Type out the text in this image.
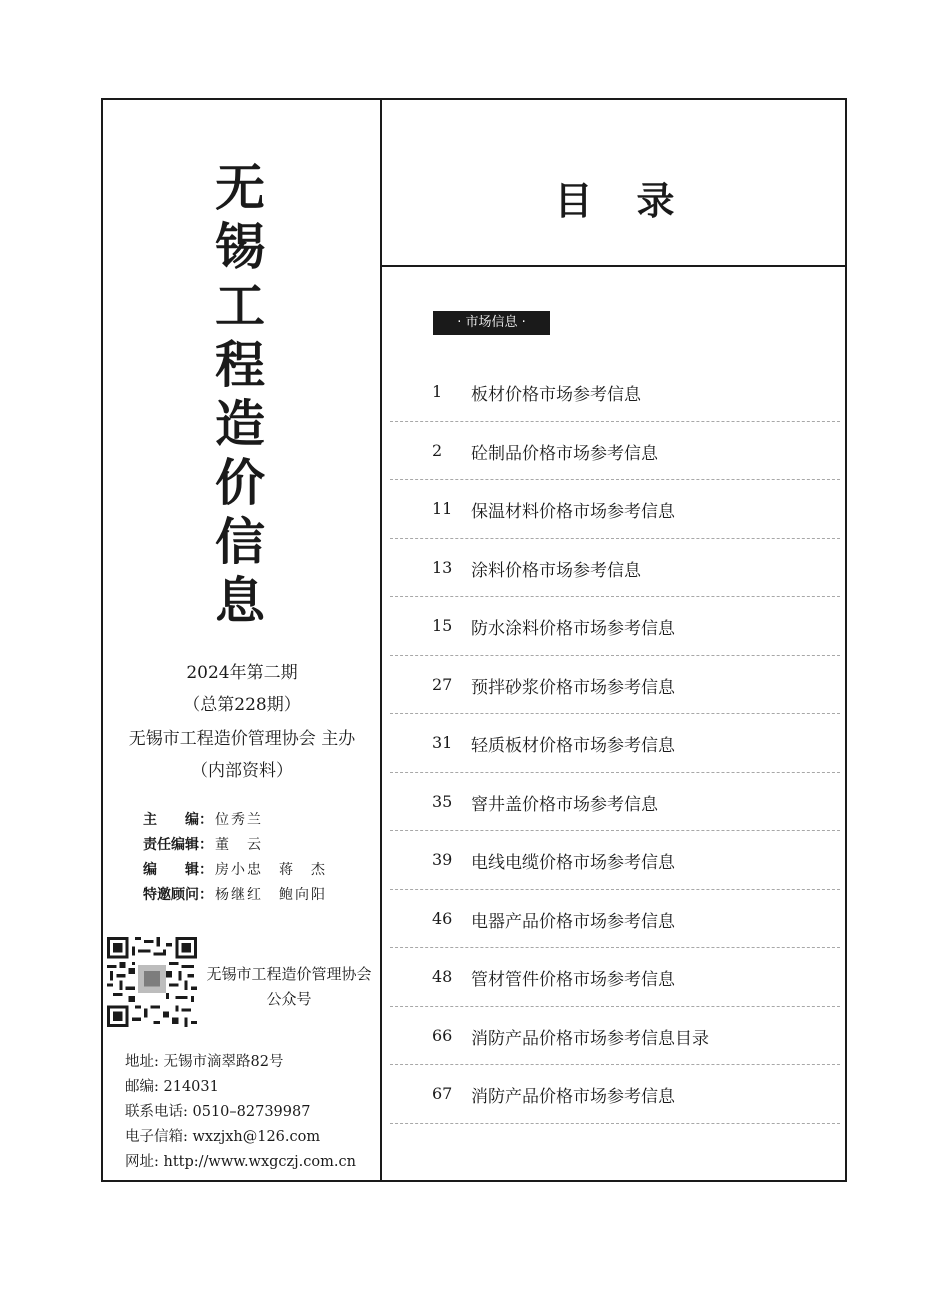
无
锡
工
程
造
价
信
息
2024年第二期
（总第228期）
无锡市工程造价管理协会 主办
（内部资料）
主　　编： 位秀兰
责任编辑： 董　云
编　　辑： 房小忠　蒋　杰
特邀顾问： 杨继红　鲍向阳
无锡市工程造价管理协会
公众号
地址: 无锡市滴翠路82号
邮编: 214031
联系电话: 0510–82739987
电子信箱: wxzjxh@126.com
网址: http://www.wxgczj.com.cn
目录
· 市场信息 ·
1 板材价格市场参考信息
2 砼制品价格市场参考信息
11 保温材料价格市场参考信息
13 涂料价格市场参考信息
15 防水涂料价格市场参考信息
27 预拌砂浆价格市场参考信息
31 轻质板材价格市场参考信息
35 窨井盖价格市场参考信息
39 电线电缆价格市场参考信息
46 电器产品价格市场参考信息
48 管材管件价格市场参考信息
66 消防产品价格市场参考信息目录
67 消防产品价格市场参考信息
